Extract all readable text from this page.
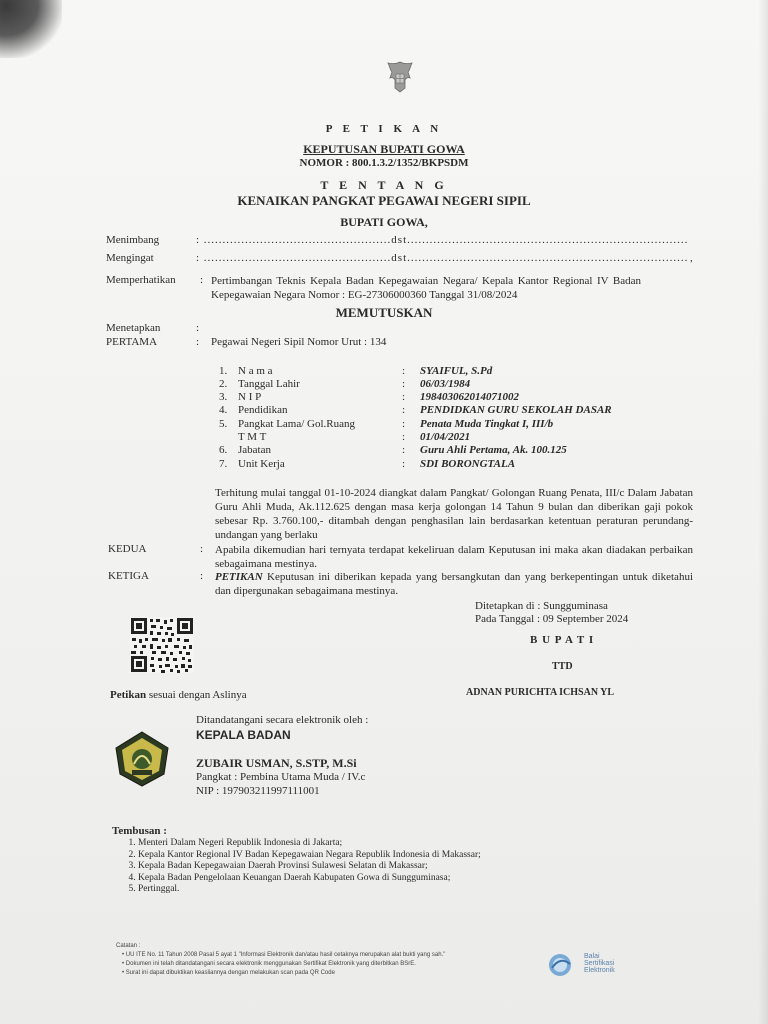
P E T I K A N
KEPUTUSAN BUPATI GOWA
NOMOR : 800.1.3.2/1352/BKPSDM
T E N T A N G
KENAIKAN PANGKAT PEGAWAI NEGERI SIPIL
BUPATI GOWA,
Menimbang	: ..................................................dst...........................................................................
Mengingat	: ..................................................dst........................................................................... ,
Memperhatikan : Pertimbangan Teknis Kepala Badan Kepegawaian Negara/ Kepala Kantor Regional IV Badan Kepegawaian Negara Nomor : EG-27306000360 Tanggal 31/08/2024
MEMUTUSKAN
Menetapkan	:
PERTAMA	: Pegawai Negeri Sipil Nomor Urut : 134
1. N a m a	: SYAIFUL, S.Pd
2. Tanggal Lahir	: 06/03/1984
3. N I P	: 198403062014071002
4. Pendidikan	: PENDIDKAN GURU SEKOLAH DASAR
5. Pangkat Lama/ Gol.Ruang	: Penata Muda Tingkat I, III/b
T M T	: 01/04/2021
6. Jabatan	: Guru Ahli Pertama, Ak. 100.125
7. Unit Kerja	: SDI BORONGTALA
Terhitung mulai tanggal 01-10-2024 diangkat dalam Pangkat/ Golongan Ruang Penata, III/c Dalam Jabatan Guru Ahli Muda, Ak.112.625 dengan masa kerja golongan 14 Tahun 9 bulan dan diberikan gaji pokok sebesar Rp. 3.760.100,- ditambah dengan penghasilan lain berdasarkan ketentuan peraturan perundang-undangan yang berlaku
KEDUA	: Apabila dikemudian hari ternyata terdapat kekeliruan dalam Keputusan ini maka akan diadakan perbaikan sebagaimana mestinya.
KETIGA	: PETIKAN Keputusan ini diberikan kepada yang bersangkutan dan yang berkepentingan untuk diketahui dan dipergunakan sebagaimana mestinya.
Ditetapkan di : Sungguminasa
Pada Tanggal : 09 September 2024
B U P A T I
TTD
ADNAN PURICHTA ICHSAN YL
Petikan sesuai dengan Aslinya
Ditandatangani secara elektronik oleh :
KEPALA BADAN
ZUBAIR USMAN, S.STP, M.Si
Pangkat : Pembina Utama Muda / IV.c
NIP : 197903211997111001
Tembusan :
1. Menteri Dalam Negeri Republik Indonesia di Jakarta;
2. Kepala Kantor Regional IV Badan Kepegawaian Negara Republik Indonesia di Makassar;
3. Kepala Badan Kepegawaian Daerah Provinsi Sulawesi Selatan di Makassar;
4. Kepala Badan Pengelolaan Keuangan Daerah Kabupaten Gowa di Sungguminasa;
5. Pertinggal.
Catatan :
• UU ITE No. 11 Tahun 2008 Pasal 5 ayat 1 "Informasi Elektronik dan/atau hasil cetaknya merupakan alat bukti yang sah."
• Dokumen ini telah ditandatangani secara elektronik menggunakan Sertifikat Elektronik yang diterbitkan BSrE.
• Surat ini dapat dibuktikan keasliannya dengan melakukan scan pada QR Code
Balai
Sertifikasi
Elektronik
